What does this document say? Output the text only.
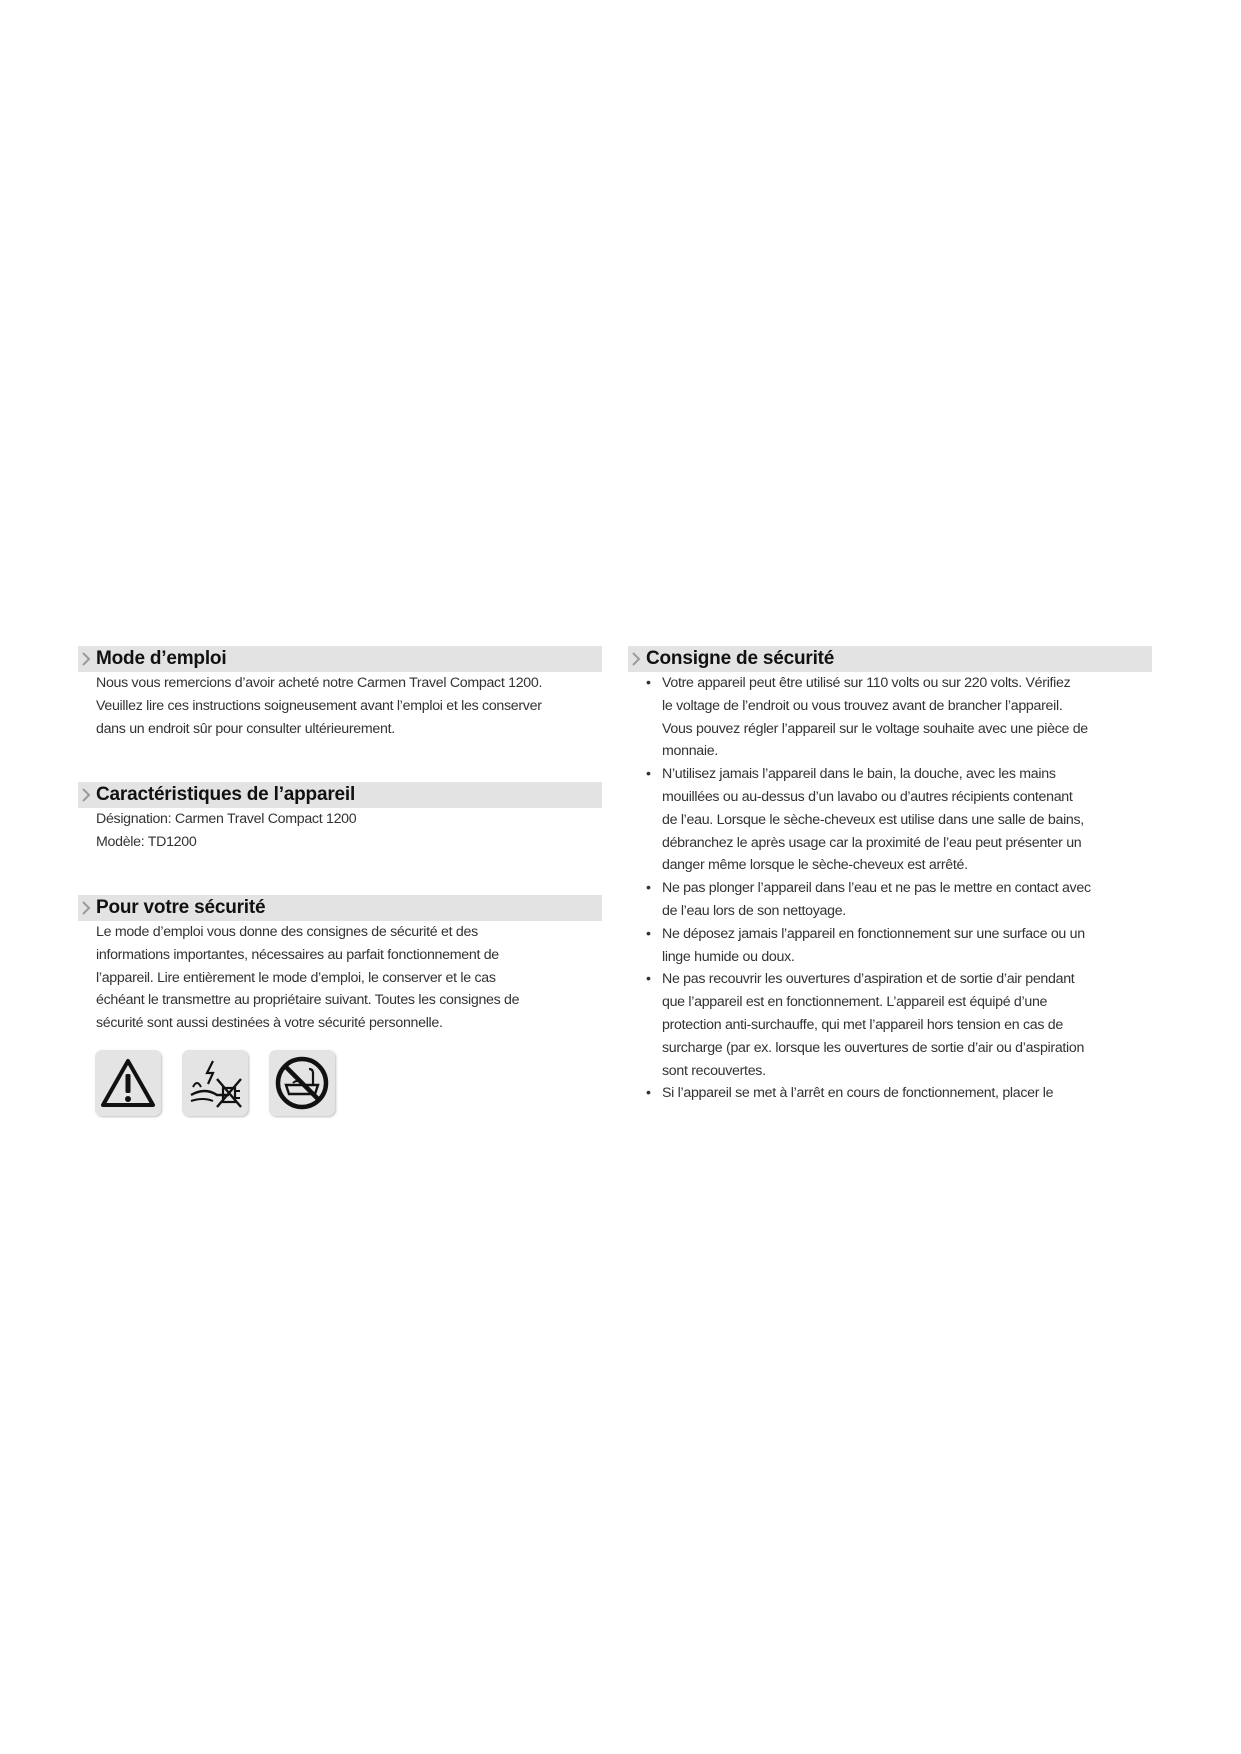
Mode d’emploi
Nous vous remercions d’avoir acheté notre Carmen Travel Compact 1200.
Veuillez lire ces instructions soigneusement avant l’emploi et les conserver
dans un endroit sûr pour consulter ultérieurement.
Caractéristiques de l’appareil
Désignation: Carmen Travel Compact 1200
Modèle: TD1200
Pour votre sécurité
Le mode d’emploi vous donne des consignes de sécurité et des
informations importantes, nécessaires au parfait fonctionnement de
l’appareil. Lire entièrement le mode d’emploi, le conserver et le cas
échéant le transmettre au propriétaire suivant. Toutes les consignes de
sécurité sont aussi destinées à votre sécurité personnelle.
Consigne de sécurité
• Votre appareil peut être utilisé sur 110 volts ou sur 220 volts. Vérifiez
le voltage de l’endroit ou vous trouvez avant de brancher l’appareil.
Vous pouvez régler l’appareil sur le voltage souhaite avec une pièce de
monnaie.
• N’utilisez jamais l’appareil dans le bain, la douche, avec les mains
mouillées ou au-dessus d’un lavabo ou d’autres récipients contenant
de l’eau. Lorsque le sèche-cheveux est utilise dans une salle de bains,
débranchez le après usage car la proximité de l’eau peut présenter un
danger même lorsque le sèche-cheveux est arrêté.
• Ne pas plonger l’appareil dans l’eau et ne pas le mettre en contact avec
de l’eau lors de son nettoyage.
• Ne déposez jamais l’appareil en fonctionnement sur une surface ou un
linge humide ou doux.
• Ne pas recouvrir les ouvertures d’aspiration et de sortie d’air pendant
que l’appareil est en fonctionnement. L’appareil est équipé d’une
protection anti-surchauffe, qui met l’appareil hors tension en cas de
surcharge (par ex. lorsque les ouvertures de sortie d’air ou d’aspiration
sont recouvertes.
• Si l’appareil se met à l’arrêt en cours de fonctionnement, placer le
